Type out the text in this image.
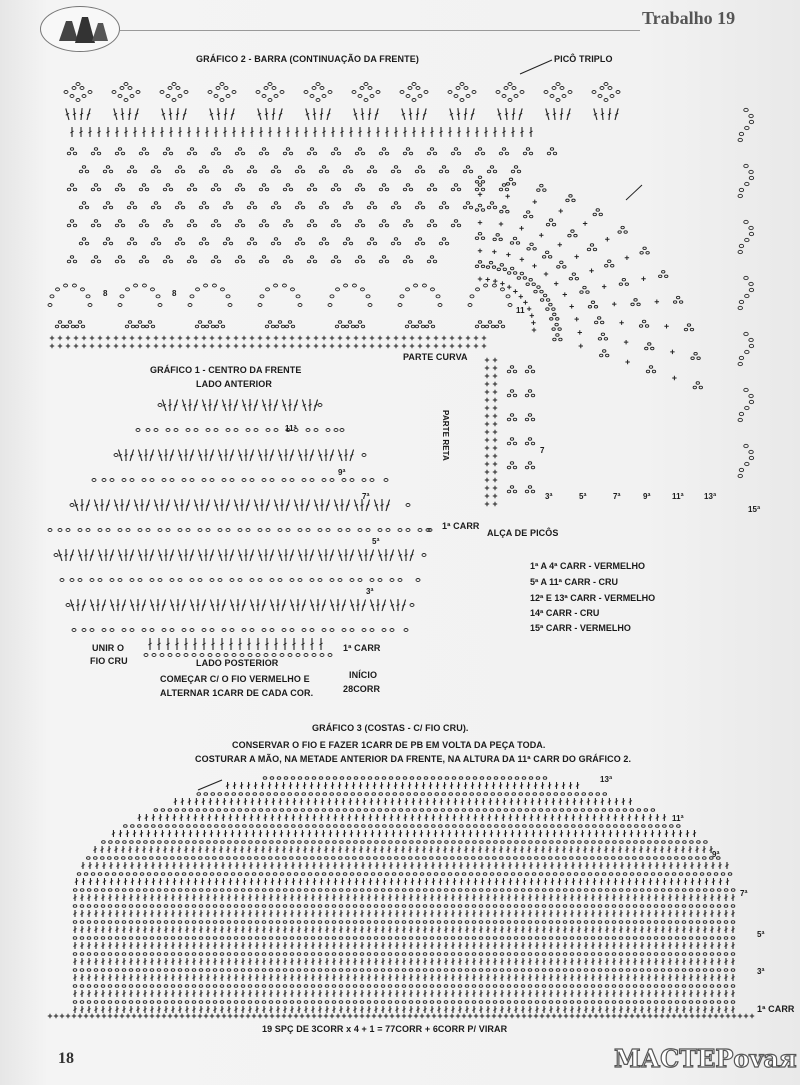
Trabalho 19
GRÁFICO 2 - BARRA (CONTINUAÇÃO DA FRENTE)	PICÔ TRIPLO
PARTE CURVA
PARTE RETA
8	8
11
7
3ª	5ª	7ª	9ª	11ª	13ª
15ª
1ª CARR
ALÇA DE PICÔS
1ª A 4ª CARR - VERMELHO
5ª A 11ª CARR - CRU
12ª E 13ª CARR - VERMELHO
14ª CARR - CRU
15ª CARR - VERMELHO
GRÁFICO 1 - CENTRO DA FRENTE
LADO ANTERIOR
11ª
9ª
7ª
5ª
3ª
UNIR O
FIO CRU
1ª CARR
LADO POSTERIOR
INÍCIO
28CORR
COMEÇAR C/ O FIO VERMELHO E
ALTERNAR 1CARR DE CADA COR.
GRÁFICO 3 (COSTAS - C/ FIO CRU).
CONSERVAR O FIO E FAZER 1CARR DE PB EM VOLTA DA PEÇA TODA.
COSTURAR A MÃO, NA METADE ANTERIOR DA FRENTE, NA ALTURA DA 11ª CARR DO GRÁFICO 2.
13ª
11ª
9ª
7ª
5ª
3ª
1ª CARR
19 SPÇ DE 3CORR x 4 + 1 = 77CORR + 6CORR P/ VIRAR
18	МАСТЕРоvая
